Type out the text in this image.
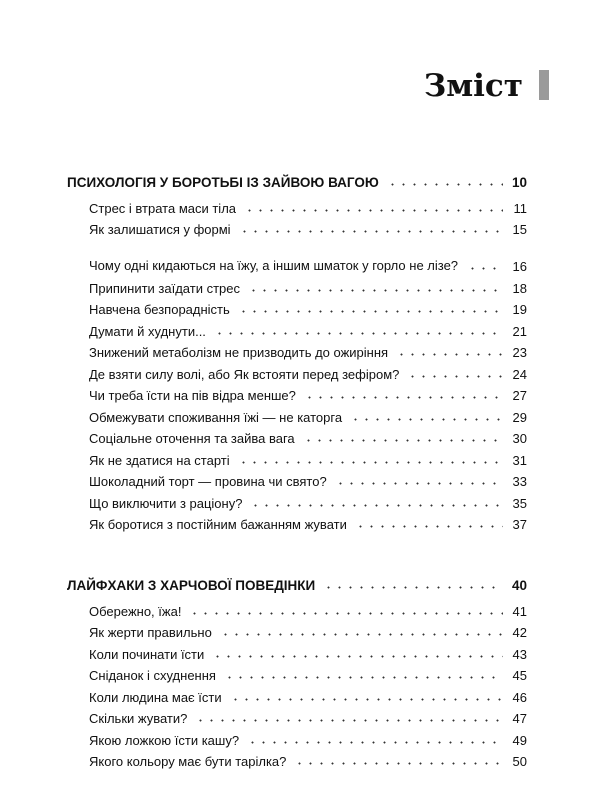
Зміст
ПСИХОЛОГІЯ У БОРОТЬБІ ІЗ ЗАЙВОЮ ВАГОЮ	10
Стрес і втрата маси тіла	11
Як залишатися у формі	15
Чому одні кидаються на їжу, а іншим шматок у горло не лізе?	16
Припинити заїдати стрес	18
Навчена безпорадність	19
Думати й худнути...	21
Знижений метаболізм не призводить до ожиріння	23
Де взяти силу волі, або Як встояти перед зефіром?	24
Чи треба їсти на пів відра менше?	27
Обмежувати споживання їжі — не каторга	29
Соціальне оточення та зайва вага	30
Як не здатися на старті	31
Шоколадний торт — провина чи свято?	33
Що виключити з раціону?	35
Як боротися з постійним бажанням жувати	37
ЛАЙФХАКИ З ХАРЧОВОЇ ПОВЕДІНКИ	40
Обережно, їжа!	41
Як жерти правильно	42
Коли починати їсти	43
Сніданок і схуднення	45
Коли людина має їсти	46
Скільки жувати?	47
Якою ложкою їсти кашу?	49
Якого кольору має бути тарілка?	50
